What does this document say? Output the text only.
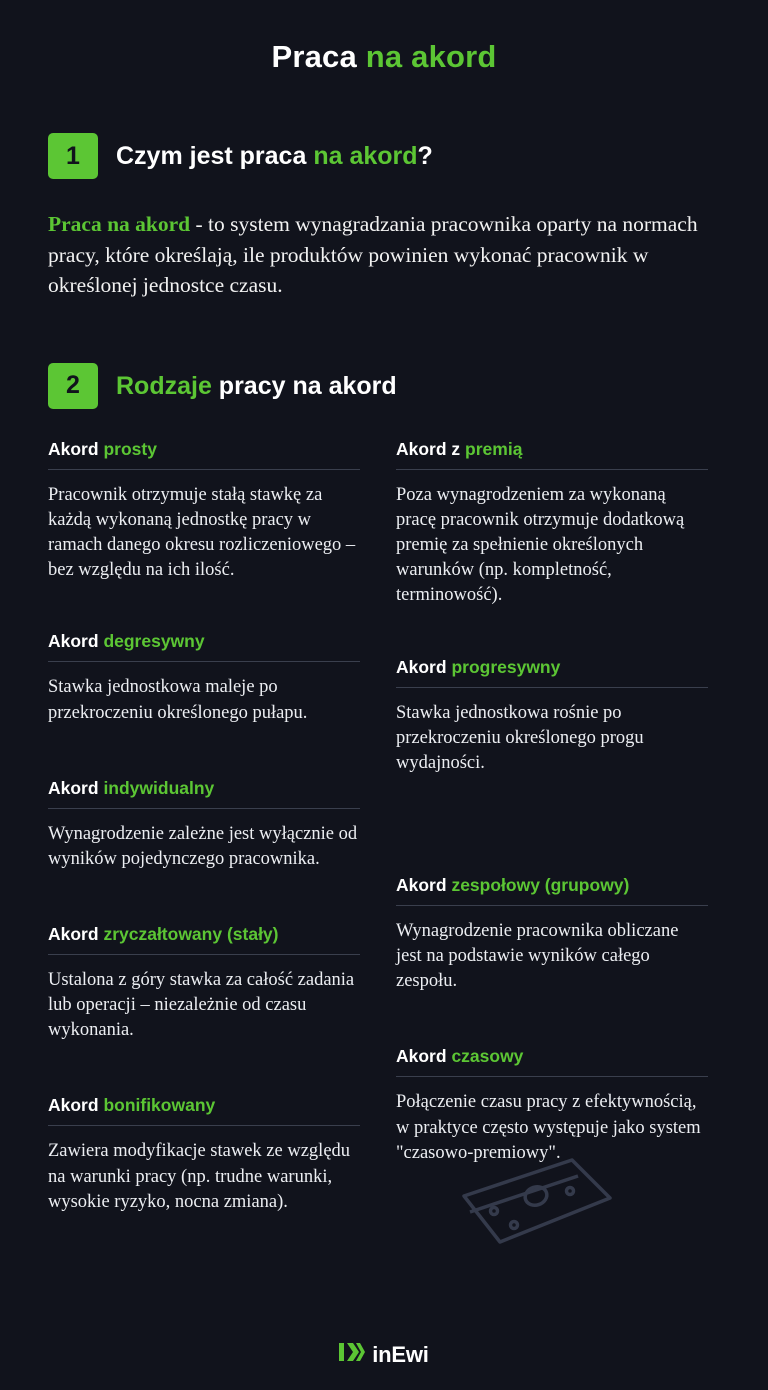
Praca na akord
1	Czym jest praca na akord?

Praca na akord - to system wynagradzania pracownika oparty na normach pracy, które określają, ile produktów powinien wykonać pracownik w określonej jednostce czasu.

2	Rodzaje pracy na akord
Akord prosty
Pracownik otrzymuje stałą stawkę za każdą wykonaną jednostkę pracy w ramach danego okresu rozliczeniowego – bez względu na ich ilość.
Akord degresywny
Stawka jednostkowa maleje po przekroczeniu określonego pułapu.
Akord indywidualny
Wynagrodzenie zależne jest wyłącznie od wyników pojedynczego pracownika.
Akord zryczałtowany (stały)
Ustalona z góry stawka za całość zadania lub operacji – niezależnie od czasu wykonania.
Akord bonifikowany
Zawiera modyfikacje stawek ze względu na warunki pracy (np. trudne warunki, wysokie ryzyko, nocna zmiana).
Akord z premią
Poza wynagrodzeniem za wykonaną pracę pracownik otrzymuje dodatkową premię za spełnienie określonych warunków (np. kompletność, terminowość).
Akord progresywny
Stawka jednostkowa rośnie po przekroczeniu określonego progu wydajności.
Akord zespołowy (grupowy)
Wynagrodzenie pracownika obliczane jest na podstawie wyników całego zespołu.
Akord czasowy
Połączenie czasu pracy z efektywnością, w praktyce często występuje jako system "czasowo-premiowy".
inEwi
